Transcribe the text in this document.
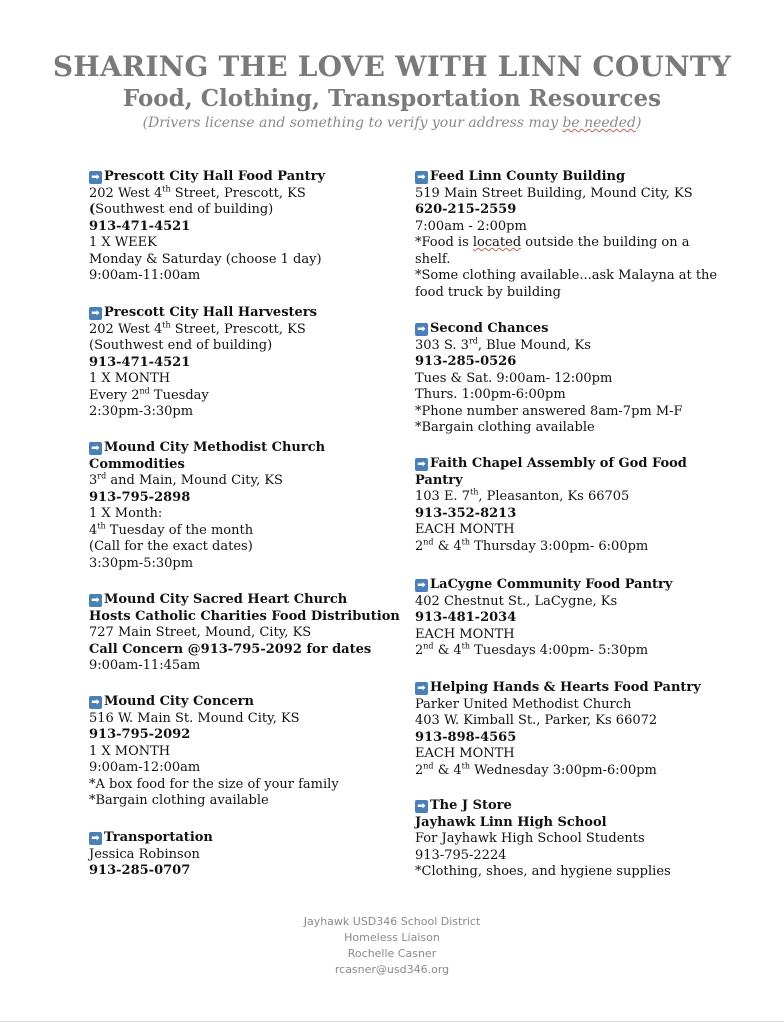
SHARING THE LOVE WITH LINN COUNTY
Food, Clothing, Transportation Resources
(Drivers license and something to verify your address may be needed)
➡ Prescott City Hall Food Pantry
202 West 4th Street, Prescott, KS
(Southwest end of building)
913-471-4521
1 X WEEK
Monday & Saturday (choose 1 day)
9:00am-11:00am
➡ Prescott City Hall Harvesters
202 West 4th Street, Prescott, KS
(Southwest end of building)
913-471-4521
1 X MONTH
Every 2nd Tuesday
2:30pm-3:30pm
➡ Mound City Methodist Church
Commodities
3rd and Main, Mound City, KS
913-795-2898
1 X Month:
4th Tuesday of the month
(Call for the exact dates)
3:30pm-5:30pm
➡ Mound City Sacred Heart Church
Hosts Catholic Charities Food Distribution
727 Main Street, Mound, City, KS
Call Concern @913-795-2092 for dates
9:00am-11:45am
➡ Mound City Concern
516 W. Main St. Mound City, KS
913-795-2092
1 X MONTH
9:00am-12:00am
*A box food for the size of your family
*Bargain clothing available
➡ Transportation
Jessica Robinson
913-285-0707
➡ Feed Linn County Building
519 Main Street Building, Mound City, KS
620-215-2559
7:00am - 2:00pm
*Food is located outside the building on a
shelf.
*Some clothing available...ask Malayna at the
food truck by building
➡ Second Chances
303 S. 3rd, Blue Mound, Ks
913-285-0526
Tues & Sat. 9:00am- 12:00pm
Thurs. 1:00pm-6:00pm
*Phone number answered 8am-7pm M-F
*Bargain clothing available
➡ Faith Chapel Assembly of God Food
Pantry
103 E. 7th, Pleasanton, Ks 66705
913-352-8213
EACH MONTH
2nd & 4th Thursday 3:00pm- 6:00pm
➡ LaCygne Community Food Pantry
402 Chestnut St., LaCygne, Ks
913-481-2034
EACH MONTH
2nd & 4th Tuesdays 4:00pm- 5:30pm
➡ Helping Hands & Hearts Food Pantry
Parker United Methodist Church
403 W. Kimball St., Parker, Ks 66072
913-898-4565
EACH MONTH
2nd & 4th Wednesday 3:00pm-6:00pm
➡ The J Store
Jayhawk Linn High School
For Jayhawk High School Students
913-795-2224
*Clothing, shoes, and hygiene supplies
Jayhawk USD346 School District
Homeless Liaison
Rochelle Casner
rcasner@usd346.org
